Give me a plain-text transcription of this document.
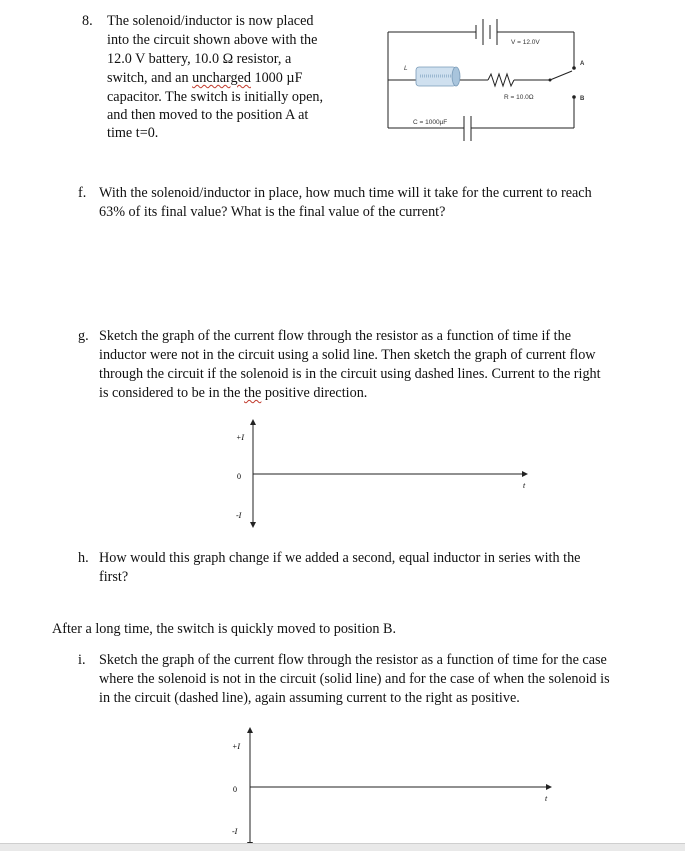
8. The solenoid/inductor is now placed
into the circuit shown above with the
12.0 V battery, 10.0 Ω resistor, a
switch, and an uncharged 1000 µF
capacitor. The switch is initially open,
and then moved to the position A at
time t=0.
V = 12.0V
L
R = 10.0Ω
A
B
C = 1000µF
f. With the solenoid/inductor in place, how much time will it take for the current to reach
63% of its final value? What is the final value of the current?
g. Sketch the graph of the current flow through the resistor as a function of time if the
inductor were not in the circuit using a solid line. Then sketch the graph of current flow
through the circuit if the solenoid is in the circuit using dashed lines. Current to the right
is considered to be in the the positive direction.
+I
0
-I
t
h. How would this graph change if we added a second, equal inductor in series with the
first?
After a long time, the switch is quickly moved to position B.
i. Sketch the graph of the current flow through the resistor as a function of time for the case
where the solenoid is not in the circuit (solid line) and for the case of when the solenoid is
in the circuit (dashed line), again assuming current to the right as positive.
+I
0
-I
t
